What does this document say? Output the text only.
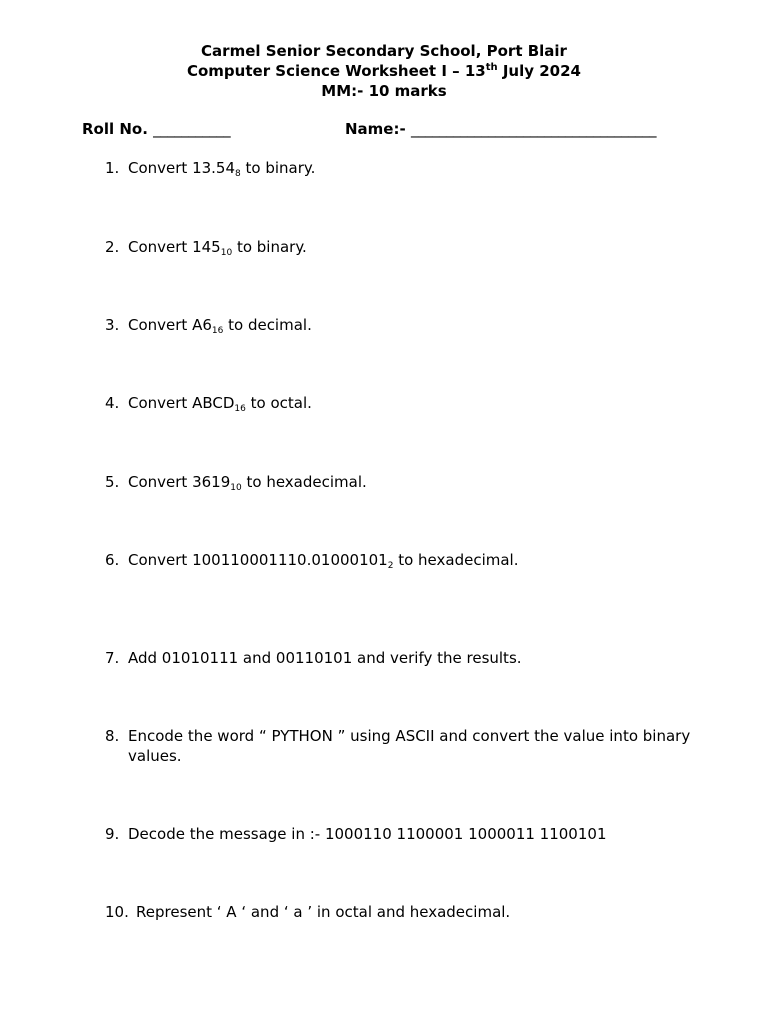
Carmel Senior Secondary School, Port Blair
Computer Science Worksheet I – 13th July 2024
MM:- 10 marks
Roll No. ___________	Name:- ___________________________________
1. Convert $13.54_8$ to binary.
2. Convert $145_{10}$ to binary.
3. Convert $A6_{16}$ to decimal.
4. Convert $ABCD_{16}$ to octal.
5. Convert $3619_{10}$ to hexadecimal.
6. Convert $100110001110.01000101_2$ to hexadecimal.
7. Add 01010111 and 00110101 and verify the results.
8. Encode the word “ PYTHON ” using ASCII and convert the value into binary values.
9. Decode the message in :- 1000110 1100001 1000011 1100101
10. Represent ‘ A ‘ and ‘ a ’ in octal and hexadecimal.
